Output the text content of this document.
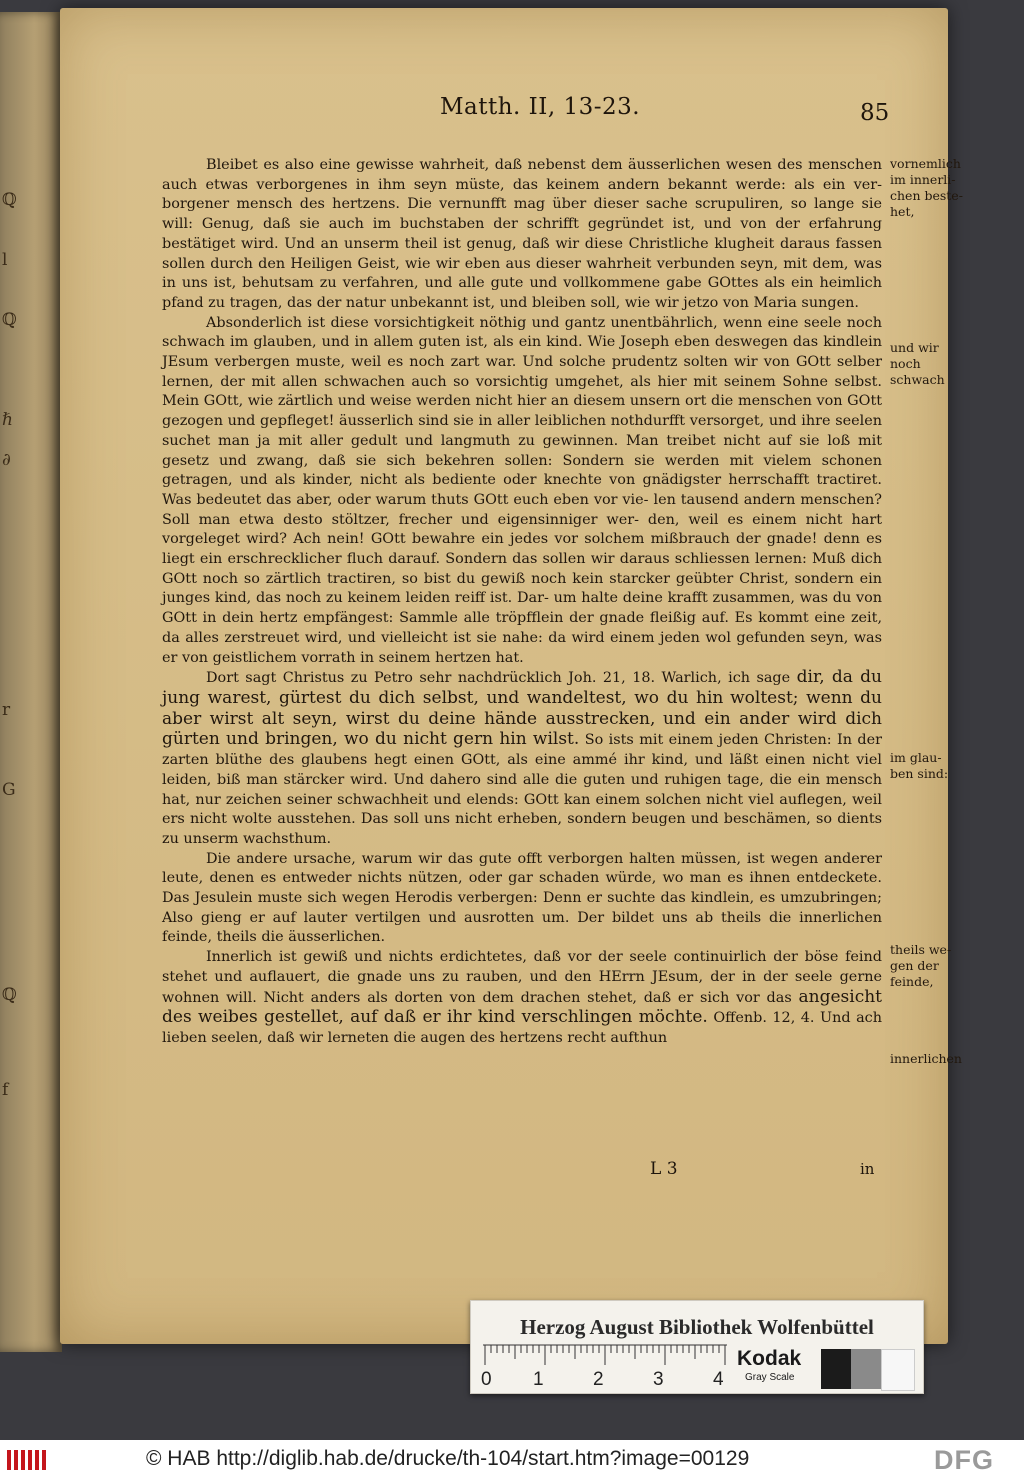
ℚ
l
ℚ
ℏ
∂
r
G
ℚ
f
Matth. II, 13-23.	85

Bleibet es also eine gewisse wahrheit, daß nebenst dem äusserlichen wesen des menschen auch etwas verborgenes in ihm seyn müste, das keinem andern bekannt werde: als ein ver- borgener mensch des hertzens. Die vernunfft mag über dieser sache scrupuliren, so lange sie will: Genug, daß sie auch im buchstaben der schrifft gegründet ist, und von der erfahrung bestätiget wird. Und an unserm theil ist genug, daß wir diese Christliche klugheit daraus fassen sollen durch den Heiligen Geist, wie wir eben aus dieser wahrheit verbunden seyn, mit dem, was in uns ist, behutsam zu verfahren, und alle gute und vollkommene gabe GOttes als ein heimlich pfand zu tragen, das der natur unbekannt ist, und bleiben soll, wie wir jetzo von Maria sungen.

Absonderlich ist diese vorsichtigkeit nöthig und gantz unentbährlich, wenn eine seele noch schwach im glauben, und in allem guten ist, als ein kind. Wie Joseph eben deswegen das kindlein JEsum verbergen muste, weil es noch zart war. Und solche prudentz solten wir von GOtt selber lernen, der mit allen schwachen auch so vorsichtig umgehet, als hier mit seinem Sohne selbst. Mein GOtt, wie zärtlich und weise werden nicht hier an diesem unsern ort die menschen von GOtt gezogen und gepfleget! äusserlich sind sie in aller leiblichen nothdurfft versorget, und ihre seelen suchet man ja mit aller gedult und langmuth zu gewinnen. Man treibet nicht auf sie loß mit gesetz und zwang, daß sie sich bekehren sollen: Sondern sie werden mit vielem schonen getragen, und als kinder, nicht als bediente oder knechte von gnädigster herrschafft tractiret. Was bedeutet das aber, oder warum thuts GOtt euch eben vor vie- len tausend andern menschen? Soll man etwa desto stöltzer, frecher und eigensinniger wer- den, weil es einem nicht hart vorgeleget wird? Ach nein! GOtt bewahre ein jedes vor solchem mißbrauch der gnade! denn es liegt ein erschrecklicher fluch darauf. Sondern das sollen wir daraus schliessen lernen: Muß dich GOtt noch so zärtlich tractiren, so bist du gewiß noch kein starcker geübter Christ, sondern ein junges kind, das noch zu keinem leiden reiff ist. Dar- um halte deine krafft zusammen, was du von GOtt in dein hertz empfängest: Sammle alle tröpfflein der gnade fleißig auf. Es kommt eine zeit, da alles zerstreuet wird, und vielleicht ist sie nahe: da wird einem jeden wol gefunden seyn, was er von geistlichem vorrath in seinem hertzen hat.

Dort sagt Christus zu Petro sehr nachdrücklich Joh. 21, 18. Warlich, ich sage dir, da du jung warest, gürtest du dich selbst, und wandeltest, wo du hin woltest; wenn du aber wirst alt seyn, wirst du deine hände ausstrecken, und ein ander wird dich gürten und bringen, wo du nicht gern hin wilst. So ists mit einem jeden Christen: In der zarten blüthe des glaubens hegt einen GOtt, als eine ammé ihr kind, und läßt einen nicht viel leiden, biß man stärcker wird. Und dahero sind alle die guten und ruhigen tage, die ein mensch hat, nur zeichen seiner schwachheit und elends: GOtt kan einem solchen nicht viel auflegen, weil ers nicht wolte ausstehen. Das soll uns nicht erheben, sondern beugen und beschämen, so dients zu unserm wachsthum.

Die andere ursache, warum wir das gute offt verborgen halten müssen, ist wegen anderer leute, denen es entweder nichts nützen, oder gar schaden würde, wo man es ihnen entdeckete. Das Jesulein muste sich wegen Herodis verbergen: Denn er suchte das kindlein, es umzubringen; Also gieng er auf lauter vertilgen und ausrotten um. Der bildet uns ab theils die innerlichen feinde, theils die äusserlichen.

Innerlich ist gewiß und nichts erdichtetes, daß vor der seele continuirlich der böse feind stehet und auflauert, die gnade uns zu rauben, und den HErrn JEsum, der in der seele gerne wohnen will. Nicht anders als dorten von dem drachen stehet, daß er sich vor das angesicht des weibes gestellet, auf daß er ihr kind verschlingen möchte. Offenb. 12, 4. Und ach lieben seelen, daß wir lerneten die augen des hertzens recht aufthun

vornemlich im innerli- chen beste- het,
und wir noch schwach
im glau- ben sind:
theils we- gen der feinde,
innerlichen
L 3	in
Herzog August Bibliothek Wolfenbüttel
0 1	2	3	4
Kodak
Gray Scale
© HAB http://diglib.hab.de/drucke/th-104/start.htm?image=00129	DFG
